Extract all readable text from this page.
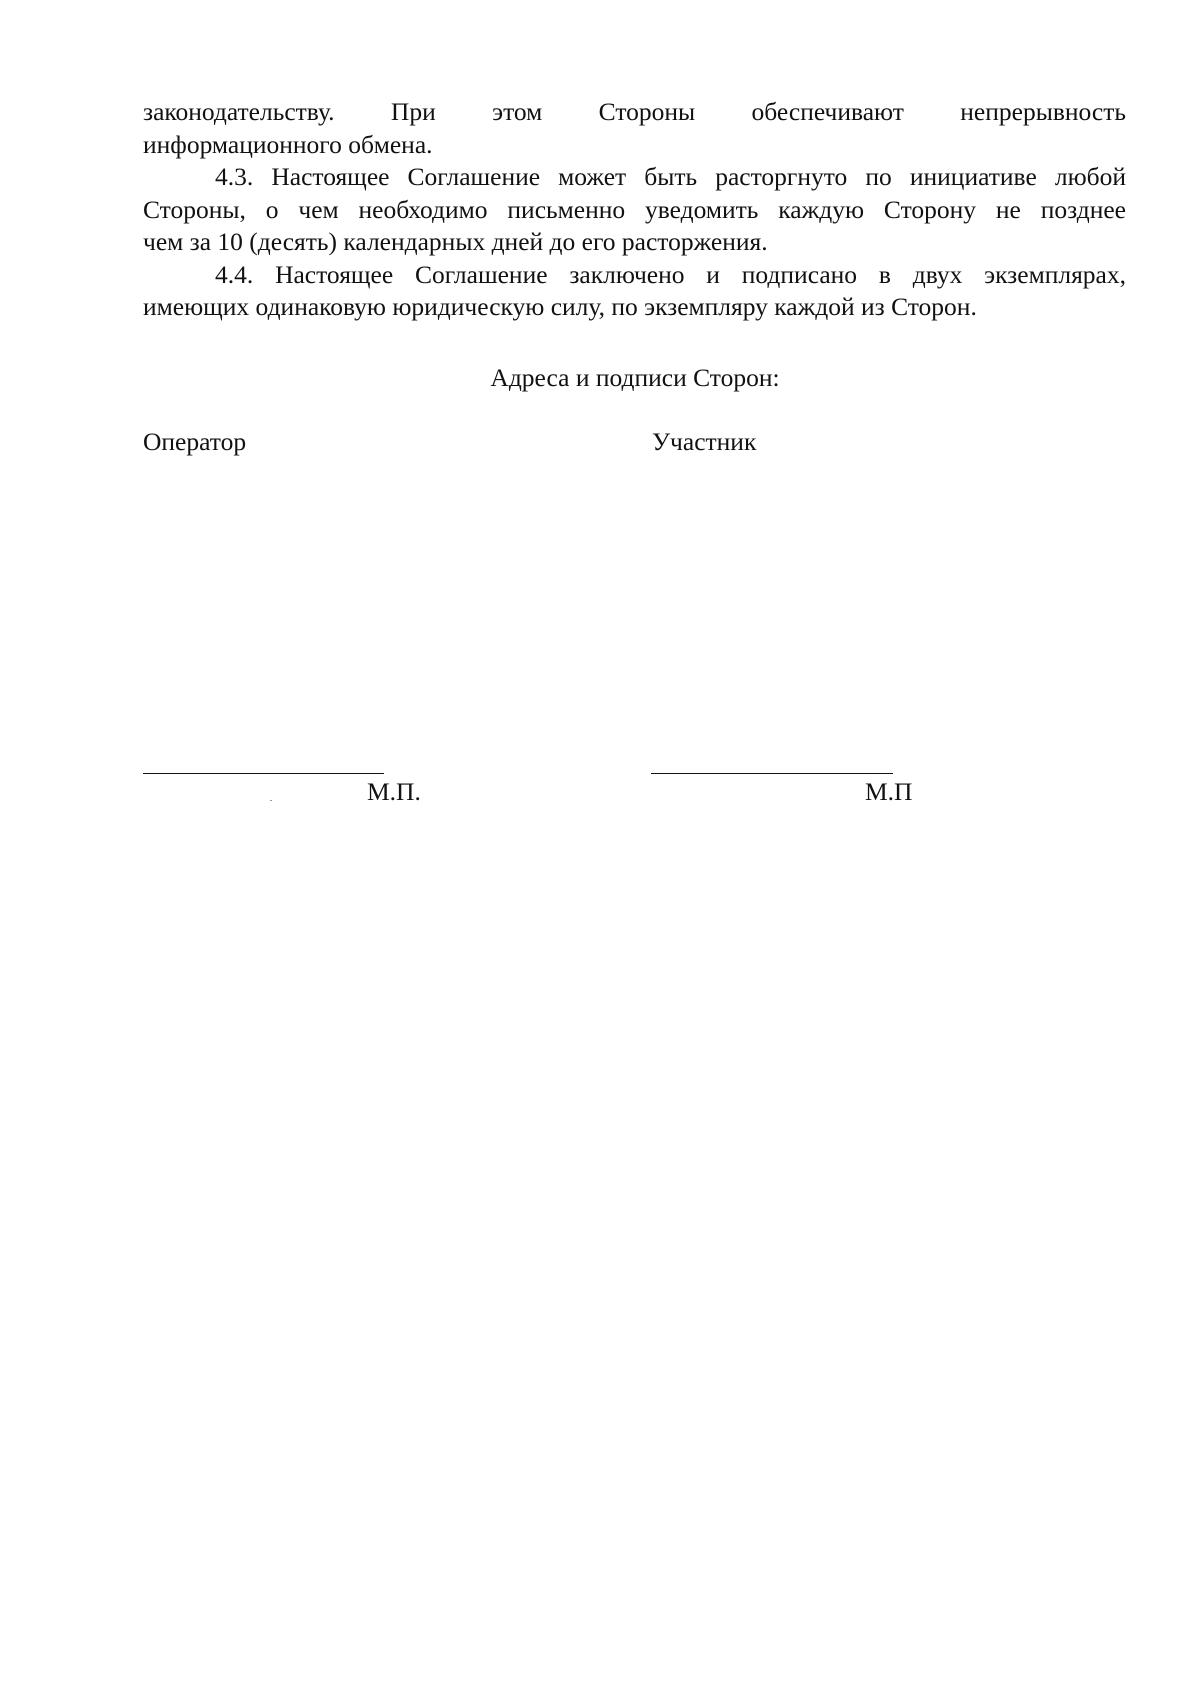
законодательству. При этом Стороны обеспечивают непрерывность
информационного обмена.

4.3. Настоящее Соглашение может быть расторгнуто по инициативе любой
Стороны, о чем необходимо письменно уведомить каждую Сторону не позднее
чем за 10 (десять) календарных дней до его расторжения.

4.4. Настоящее Соглашение заключено и подписано в двух экземплярах,
имеющих одинаковую юридическую силу, по экземпляру каждой из Сторон.

Адреса и подписи Сторон:

Оператор	Участник

М.П.	М.П
